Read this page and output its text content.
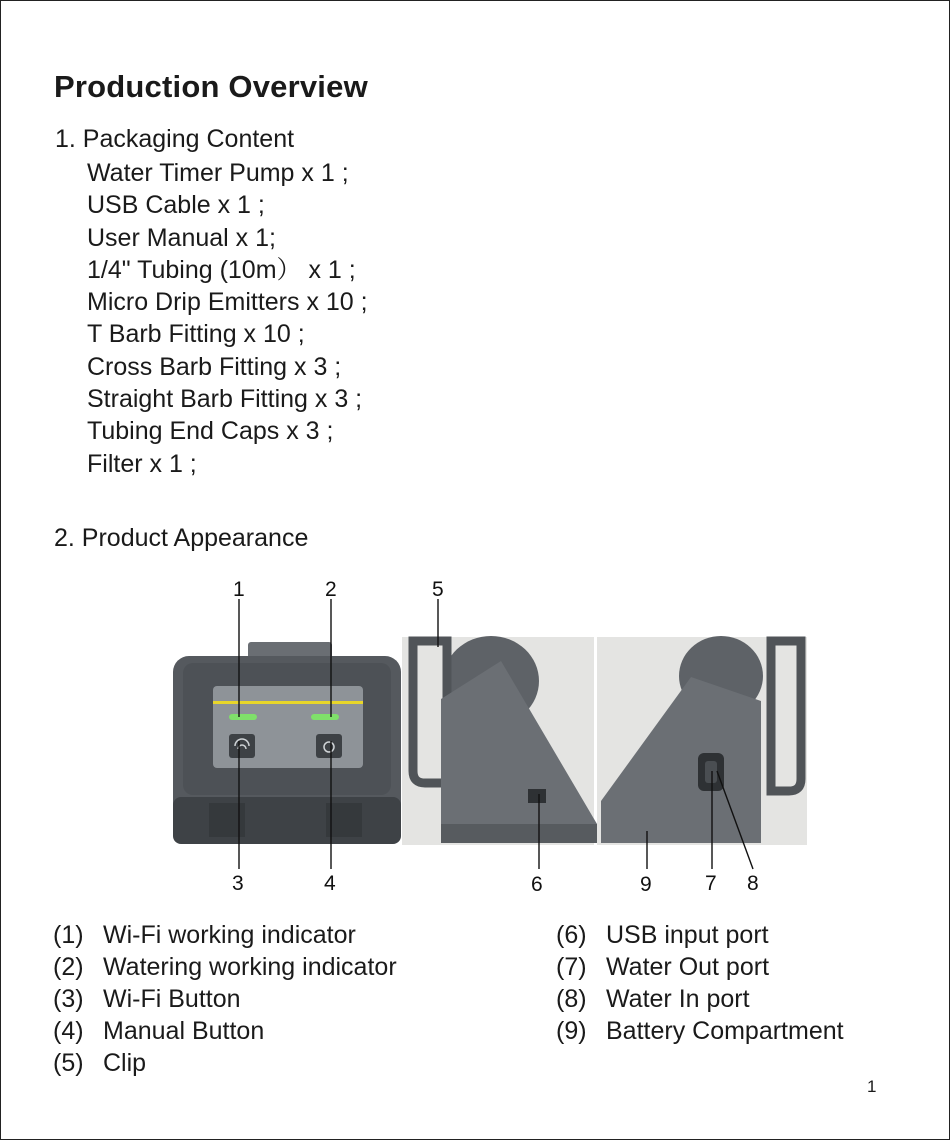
Production Overview
1. Packaging Content
Water Timer Pump x 1 ;
USB Cable x 1 ;
User Manual x 1;
1/4" Tubing (10m） x 1 ;
Micro Drip Emitters x 10 ;
T Barb Fitting x 10 ;
Cross Barb Fitting x 3 ;
Straight Barb Fitting x 3 ;
Tubing End Caps x 3 ;
Filter x 1 ;
2. Product Appearance
1	2
3	4
5
6	7 8
9
(1) Wi-Fi working indicator
(2) Watering working indicator
(3) Wi-Fi Button
(4) Manual Button
(5) Clip
(6) USB input port
(7) Water Out port
(8) Water In port
(9) Battery Compartment
1
